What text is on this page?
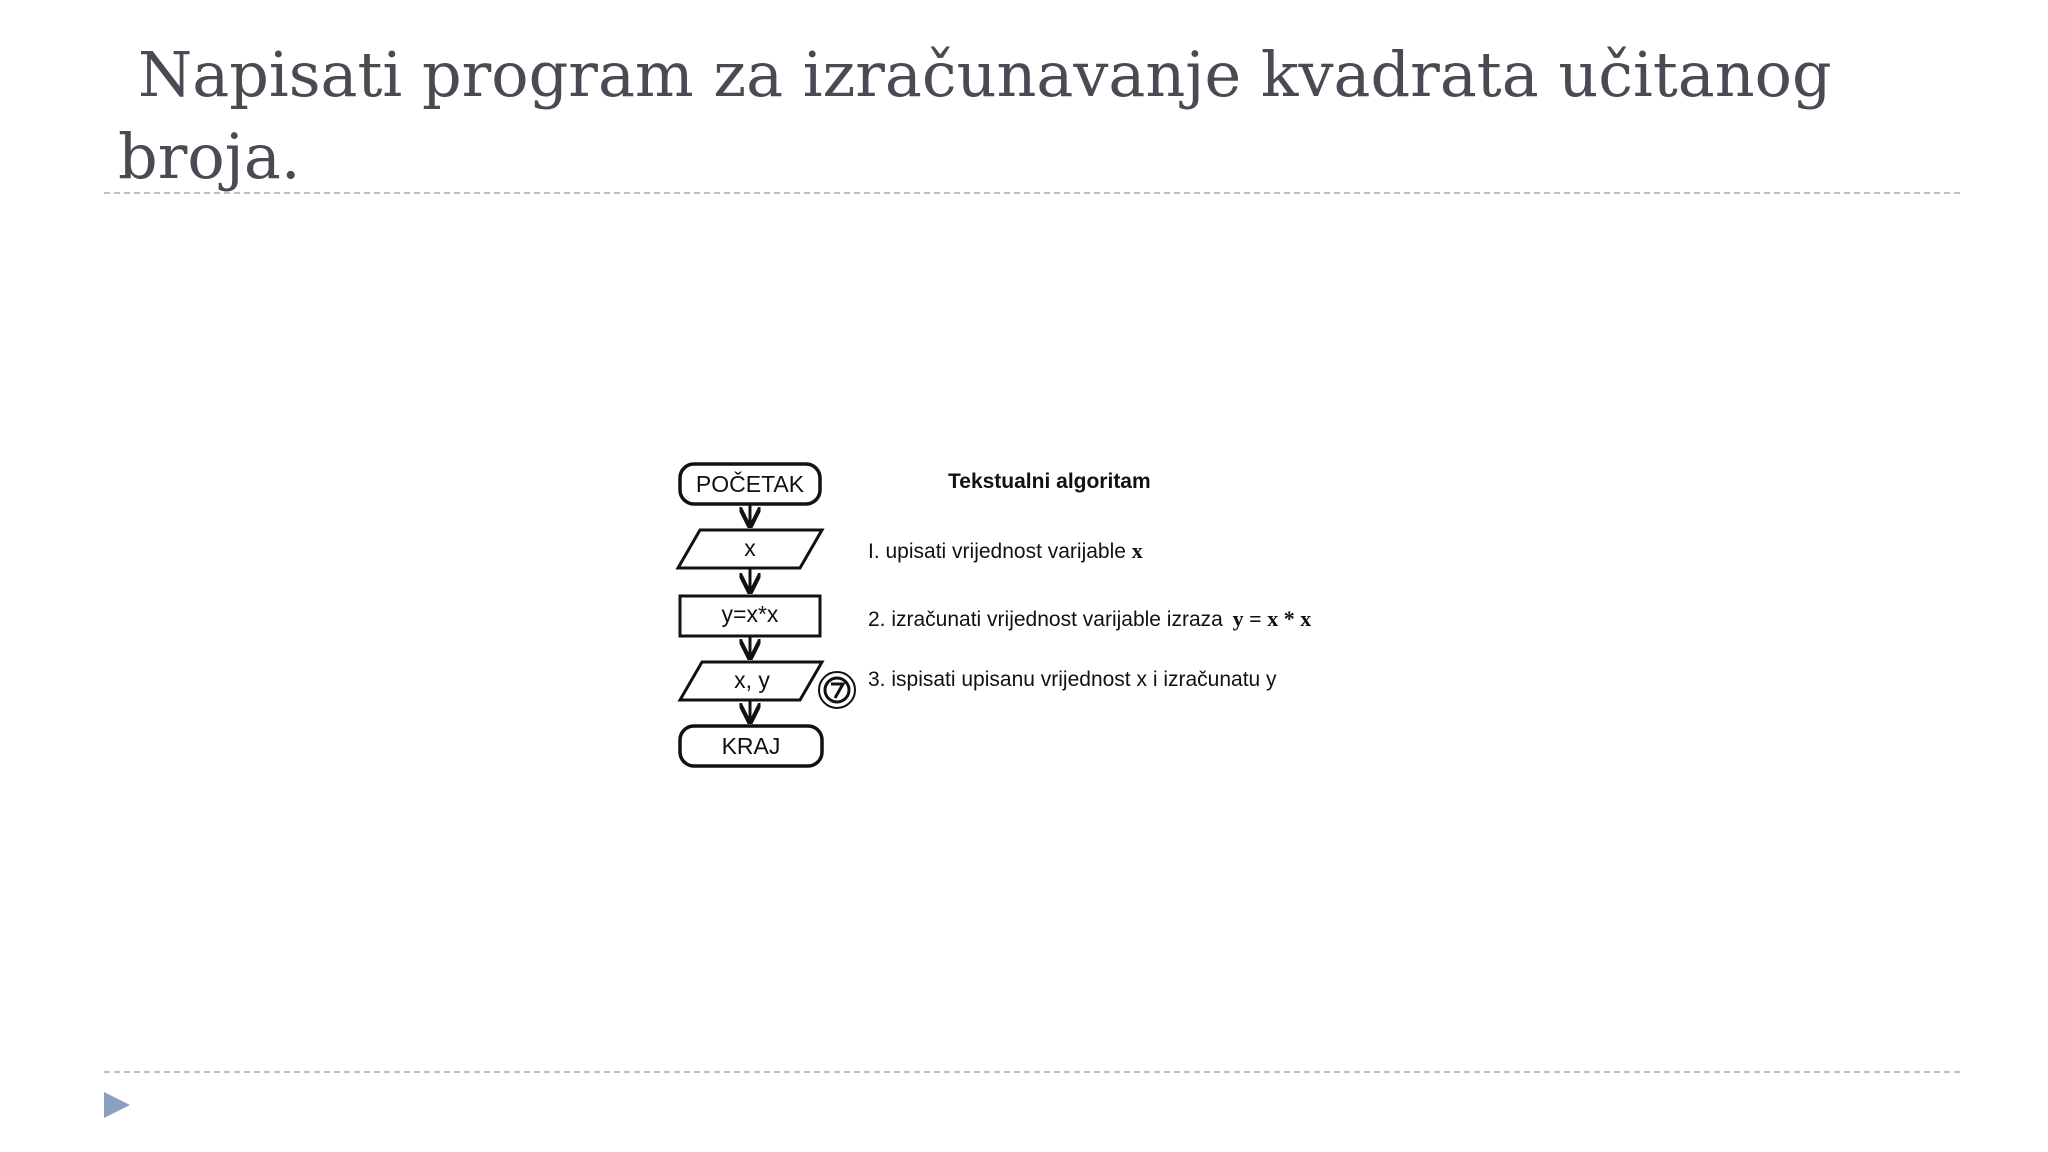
Napisati program za izračunavanje kvadrata učitanog broja.
POČETAK
x
y=x*x
x, y
KRAJ
Tekstualni algoritam
I. upisati vrijednost varijable x
2. izračunati vrijednost varijable izraza y = x * x
3. ispisati upisanu vrijednost x i izračunatu y
